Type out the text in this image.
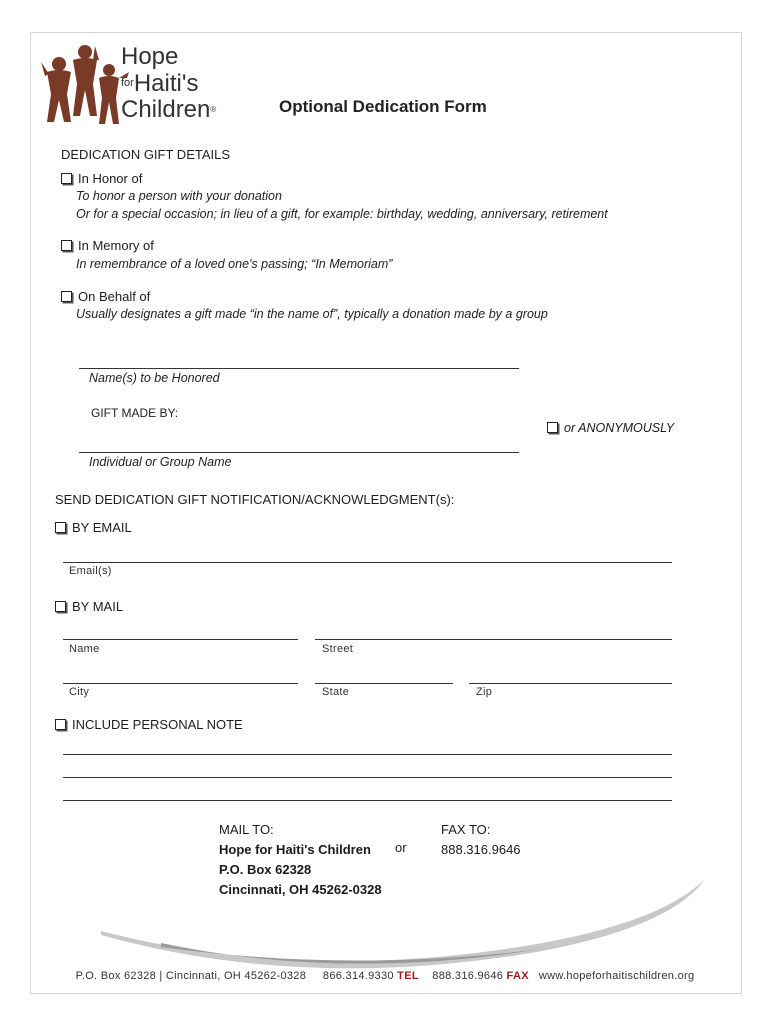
Hope
$^{for}$Haiti's
Children®	Optional Dedication Form
DEDICATION GIFT DETAILS
In Honor of
To honor a person with your donation
Or for a special occasion; in lieu of a gift, for example: birthday, wedding, anniversary, retirement
In Memory of
In remembrance of a loved one's passing; “In Memoriam”
On Behalf of
Usually designates a gift made “in the name of”, typically a donation made by a group
Name(s) to be Honored
GIFT MADE BY:
or ANONYMOUSLY
Individual or Group Name
SEND DEDICATION GIFT NOTIFICATION/ACKNOWLEDGMENT(s):
BY EMAIL
Email(s)
BY MAIL
Name	Street
City	State	Zip
INCLUDE PERSONAL NOTE
MAIL TO:
Hope for Haiti's Children
P.O. Box 62328
Cincinnati, OH 45262-0328
or
FAX TO:
888.316.9646
P.O. Box 62328 | Cincinnati, OH 45262-0328 866.314.9330 TEL 888.316.9646 FAX www.hopeforhaitischildren.org
